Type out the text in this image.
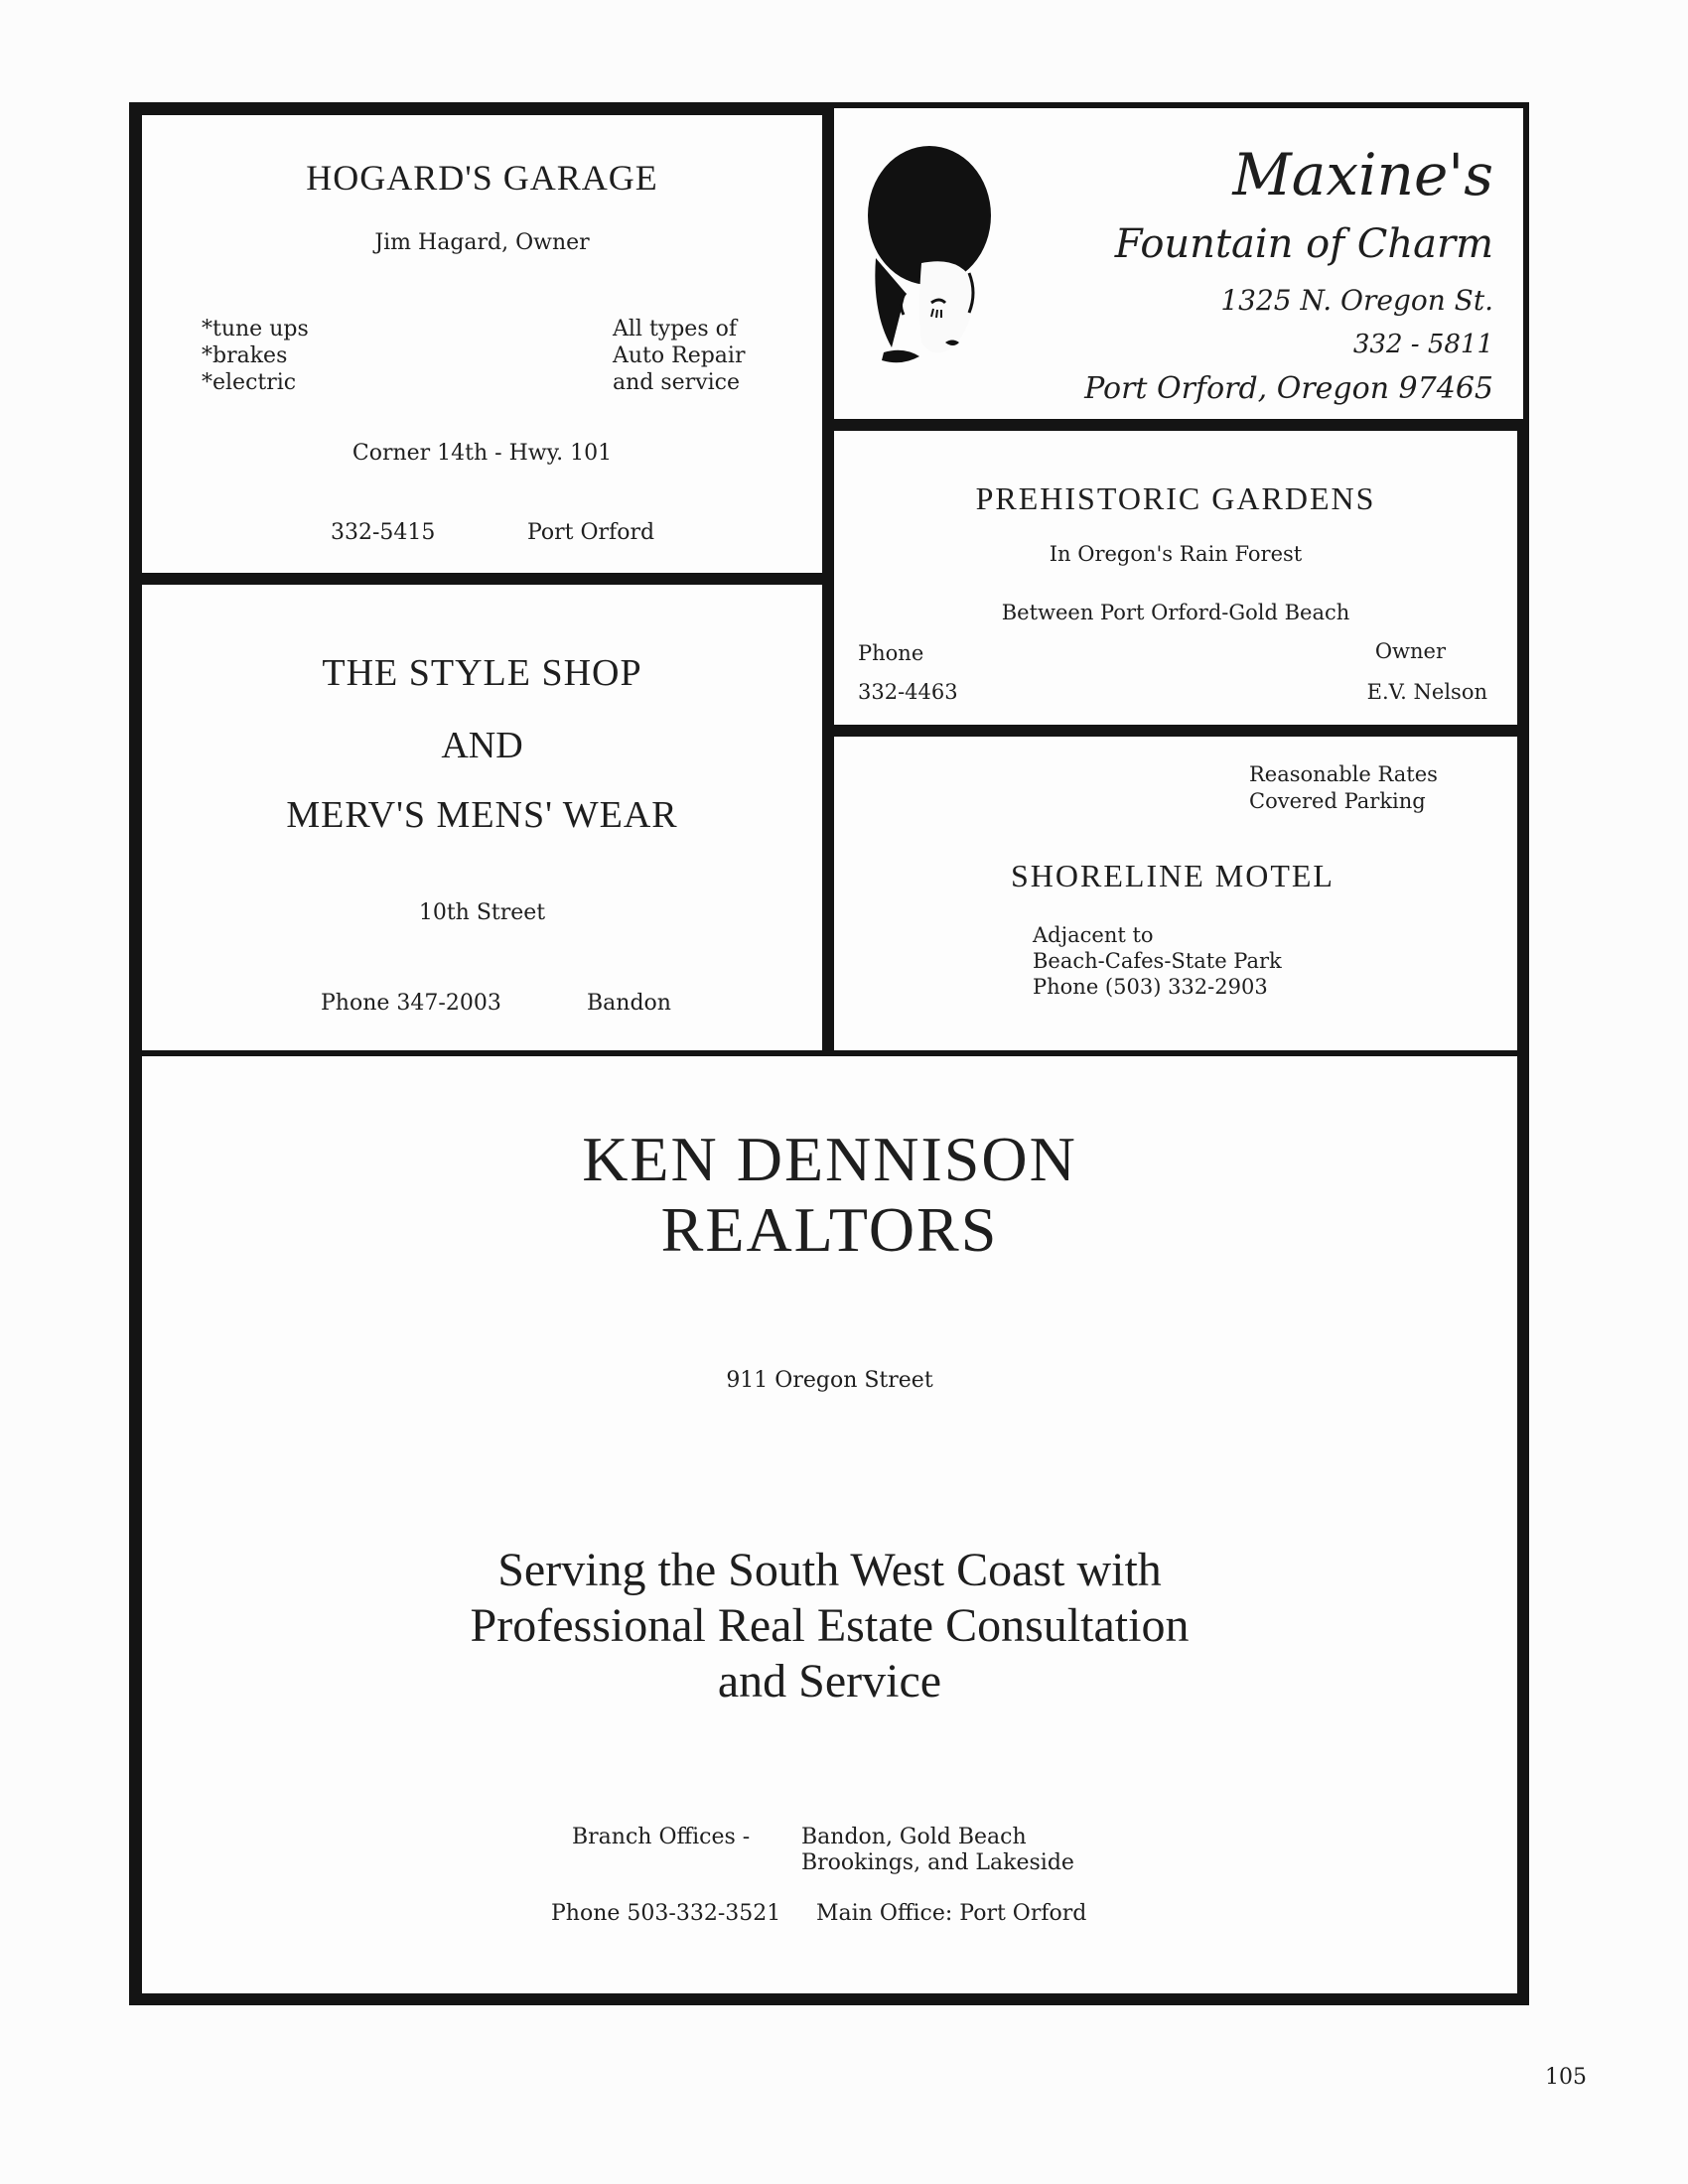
HOGARD'S GARAGE
Jim Hagard, Owner
*tune ups
*brakes
*electric
All types of
Auto Repair
and service
Corner 14th - Hwy. 101
332-5415	Port Orford
Maxine's
Fountain of Charm
1325 N. Oregon St.
332 - 5811
Port Orford, Oregon 97465
PREHISTORIC GARDENS
In Oregon's Rain Forest
Between Port Orford-Gold Beach
Phone
332-4463
Owner
E.V. Nelson
THE STYLE SHOP
AND
MERV'S MENS' WEAR
10th Street
Phone 347-2003	Bandon
Reasonable Rates
Covered Parking
SHORELINE MOTEL
Adjacent to
Beach-Cafes-State Park
Phone (503) 332-2903
KEN DENNISON
REALTORS
911 Oregon Street
Serving the South West Coast with
Professional Real Estate Consultation
and Service
Branch Offices - Bandon, Gold Beach
Brookings, and Lakeside
Phone 503-332-3521 Main Office: Port Orford
105
